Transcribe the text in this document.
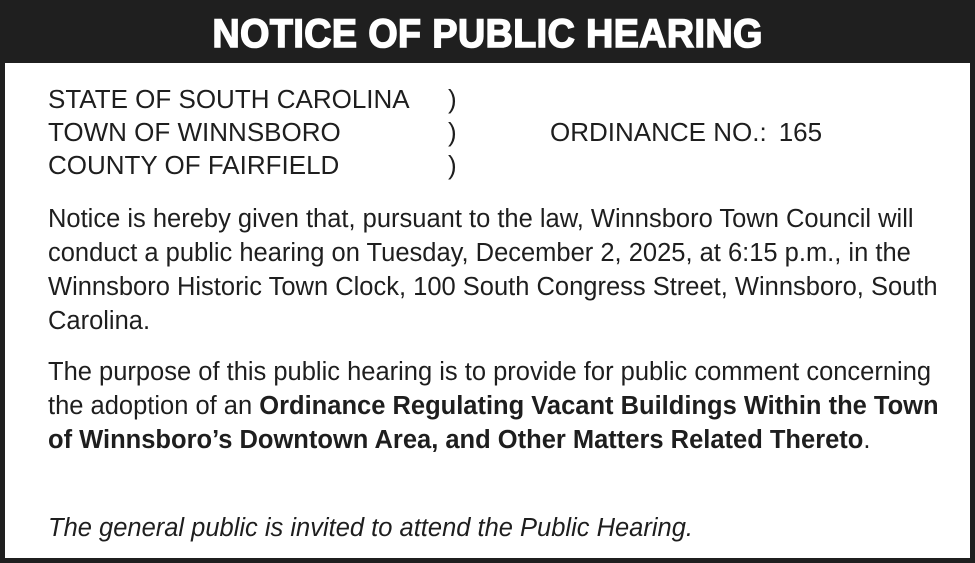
NOTICE OF PUBLIC HEARING
STATE OF SOUTH CAROLINA )
TOWN OF WINNSBORO	)
COUNTY OF FAIRFIELD	)
ORDINANCE NO.: 165

Notice is hereby given that, pursuant to the law, Winnsboro Town Council will conduct a public hearing on Tuesday, December 2, 2025, at 6:15 p.m., in the Winnsboro Historic Town Clock, 100 South Congress Street, Winnsboro, South Carolina.

The purpose of this public hearing is to provide for public comment concerning the adoption of an Ordinance Regulating Vacant Buildings Within the Town of Winnsboro’s Downtown Area, and Other Matters Related Thereto.

The general public is invited to attend the Public Hearing.
